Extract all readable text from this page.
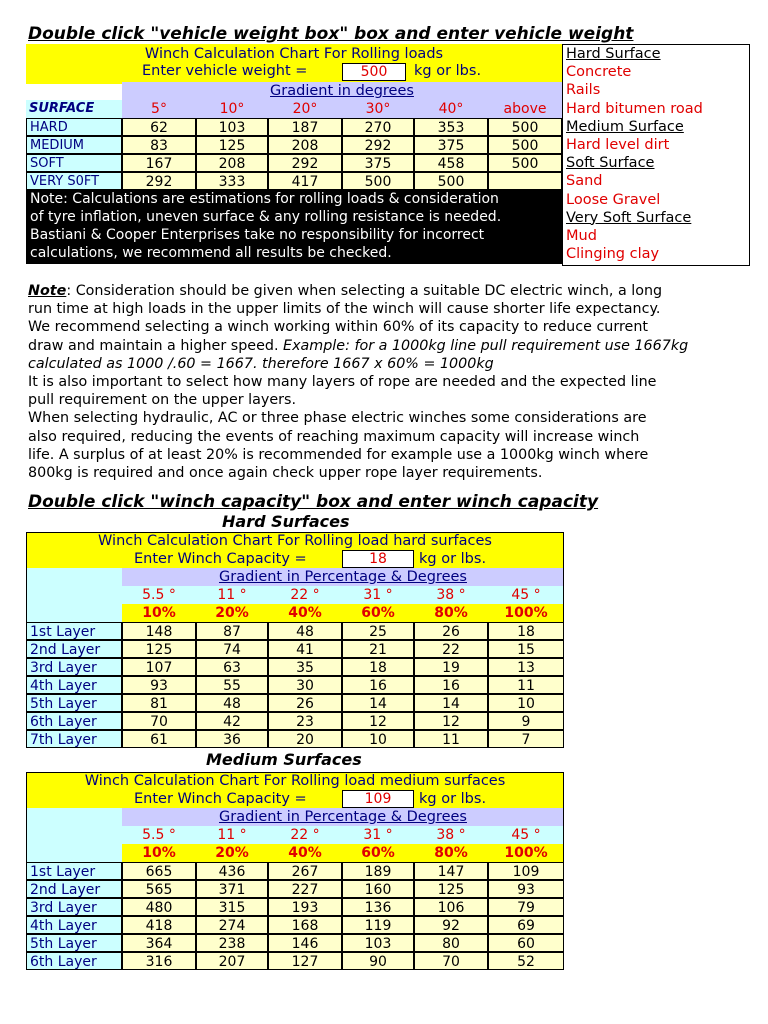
Double click "vehicle weight box" box and enter vehicle weight
Winch Calculation Chart For Rolling loads
Enter vehicle weight =	500	kg or lbs.
Gradient in degrees
SURFACE	5°	10°	20°	30°	40°	above
HARD	62	103	187	270	353	500
MEDIUM	83	125	208	292	375	500
SOFT	167	208	292	375	458	500
VERY S0FT	292	333	417	500	500
Note: Calculations are estimations for rolling loads & consideration
of tyre inflation, uneven surface & any rolling resistance is needed.
Bastiani & Cooper Enterprises take no responsibility for incorrect
calculations, we recommend all results be checked.
Hard Surface
Concrete
Rails
Hard bitumen road
Medium Surface
Hard level dirt
Soft Surface
Sand
Loose Gravel
Very Soft Surface
Mud
Clinging clay
Note: Consideration should be given when selecting a suitable DC electric winch, a long
run time at high loads in the upper limits of the winch will cause shorter life expectancy.
We recommend selecting a winch working within 60% of its capacity to reduce current
draw and maintain a higher speed. Example: for a 1000kg line pull requirement use 1667kg
calculated as 1000 /.60 = 1667. therefore 1667 x 60% = 1000kg
It is also important to select how many layers of rope are needed and the expected line
pull requirement on the upper layers.
When selecting hydraulic, AC or three phase electric winches some considerations are
also required, reducing the events of reaching maximum capacity will increase winch
life. A surplus of at least 20% is recommended for example use a 1000kg winch where
800kg is required and once again check upper rope layer requirements.
Double click "winch capacity" box and enter winch capacity
Hard Surfaces
Winch Calculation Chart For Rolling load hard surfaces
Enter Winch Capacity =	18	kg or lbs.
Gradient in Percentage & Degrees
5.5 °	11 °	22 °	31 °	38 °	45 °
10%	20%	40%	60%	80%	100%
1st Layer	148	87	48	25	26	18
2nd Layer	125	74	41	21	22	15
3rd Layer	107	63	35	18	19	13
4th Layer	93	55	30	16	16	11
5th Layer	81	48	26	14	14	10
6th Layer	70	42	23	12	12	9
7th Layer	61	36	20	10	11	7
Medium Surfaces
Winch Calculation Chart For Rolling load medium surfaces
Enter Winch Capacity =	109	kg or lbs.
Gradient in Percentage & Degrees
5.5 °	11 °	22 °	31 °	38 °	45 °
10%	20%	40%	60%	80%	100%
1st Layer	665	436	267	189	147	109
2nd Layer	565	371	227	160	125	93
3rd Layer	480	315	193	136	106	79
4th Layer	418	274	168	119	92	69
5th Layer	364	238	146	103	80	60
6th Layer	316	207	127	90	70	52
